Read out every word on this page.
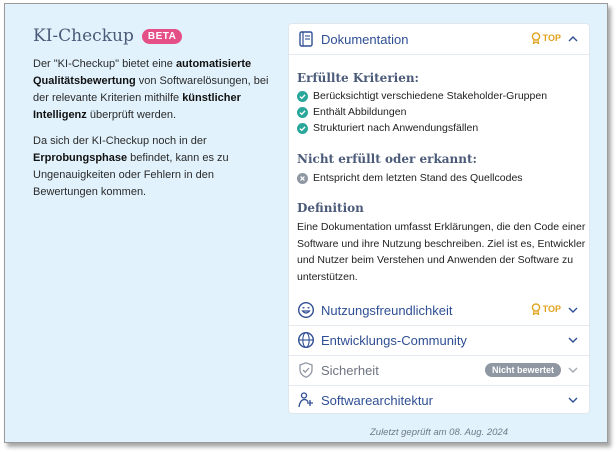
KI-Checkup	BETA
Der "KI-Checkup" bietet eine automatisierte Qualitätsbewertung von Softwarelösungen, bei der relevante Kriterien mithilfe künstlicher Intelligenz überprüft werden.
Da sich der KI-Checkup noch in der Erprobungsphase befindet, kann es zu Ungenauigkeiten oder Fehlern in den Bewertungen kommen.
Dokumentation	TOP
Erfüllte Kriterien:
Berücksichtigt verschiedene Stakeholder-Gruppen
Enthält Abbildungen
Strukturiert nach Anwendungsfällen
Nicht erfüllt oder erkannt:
Entspricht dem letzten Stand des Quellcodes
Definition
Eine Dokumentation umfasst Erklärungen, die den Code einer Software und ihre Nutzung beschreiben. Ziel ist es, Entwickler und Nutzer beim Verstehen und Anwenden der Software zu unterstützen.
Nutzungsfreundlichkeit	TOP
Entwicklungs-Community
Sicherheit	Nicht bewertet
Softwarearchitektur
Zuletzt geprüft am 08. Aug. 2024
